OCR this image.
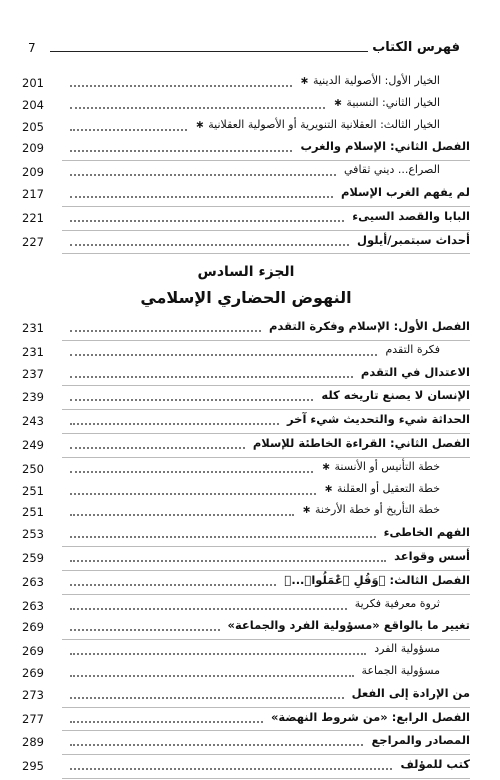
فهرس الكتاب
7
201	الخيار الأول: الأصولية الدينية ∗
204	الخيار الثاني: النسبية ∗
205	الخيار الثالث: العقلانية التنويرية أو الأصولية العقلانية ∗
209	الفصل الثاني: الإسلام والغرب
209	الصراع... ديني ثقافي
217	لم يفهم الغرب الإسلام
221	البابا والقصد السيىء
227	أحداث سبتمبر/أيلول
الجزء السادس
النهوض الحضاري الإسلامي
231	الفصل الأول: الإسلام وفكرة التقدم
231	فكرة التقدم
237	الاعتدال في التقدم
239	الإنسان لا يصنع تاريخه كله
243	الحداثة شيء والتحديث شيء آخر
249	الفصل الثاني: القراءة الخاطئة للإسلام
250	خطة التأنيس أو الأنسنة ∗
251	خطة التعقيل أو العقلنة ∗
251	خطة التأريخ أو خطة الأرخنة ∗
253	الفهم الخاطىء
259	أسس وقواعد
263	الفصل الثالث: ﴿وَقُلِ ٱعْمَلُوا۟...﴾
263	ثروة معرفية فكرية
269	تغيير ما بالواقع «مسؤولية الفرد والجماعة»
269	مسؤولية الفرد
269	مسؤولية الجماعة
273	من الإرادة إلى الفعل
277	الفصل الرابع: «من شروط النهضة»
289	المصادر والمراجع
295	كتب للمؤلف
